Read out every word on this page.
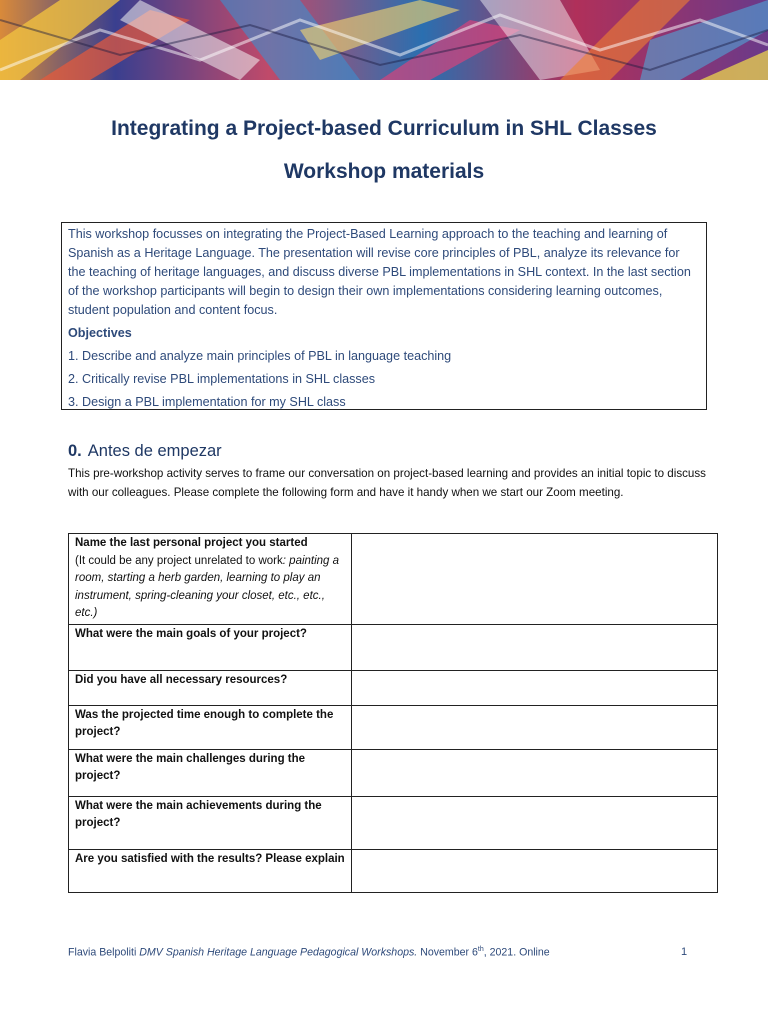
Integrating a Project-based Curriculum in SHL Classes
Workshop materials

This workshop focusses on integrating the Project-Based Learning approach to the teaching and learning of Spanish as a Heritage Language. The presentation will revise core principles of PBL, analyze its relevance for the teaching of heritage languages, and discuss diverse PBL implementations in SHL context. In the last section of the workshop participants will begin to design their own implementations considering learning outcomes, student population and content focus.

Objectives

1. Describe and analyze main principles of PBL in language teaching

2. Critically revise PBL implementations in SHL classes

3. Design a PBL implementation for my SHL class

0. Antes de empezar
This pre-workshop activity serves to frame our conversation on project-based learning and provides an initial topic to discuss with our colleagues. Please complete the following form and have it handy when we start our Zoom meeting.
Name the last personal project you started
(It could be any project unrelated to work: painting a room, starting a herb garden, learning to play an instrument, spring-cleaning your closet, etc., etc., etc.)	
What were the main goals of your project?	
Did you have all necessary resources?	
Was the projected time enough to complete the project?	
What were the main challenges during the project?	
What were the main achievements during the project?	
Are you satisfied with the results? Please explain	
Flavia Belpoliti DMV Spanish Heritage Language Pedagogical Workshops. November 6th, 2021. Online	1
